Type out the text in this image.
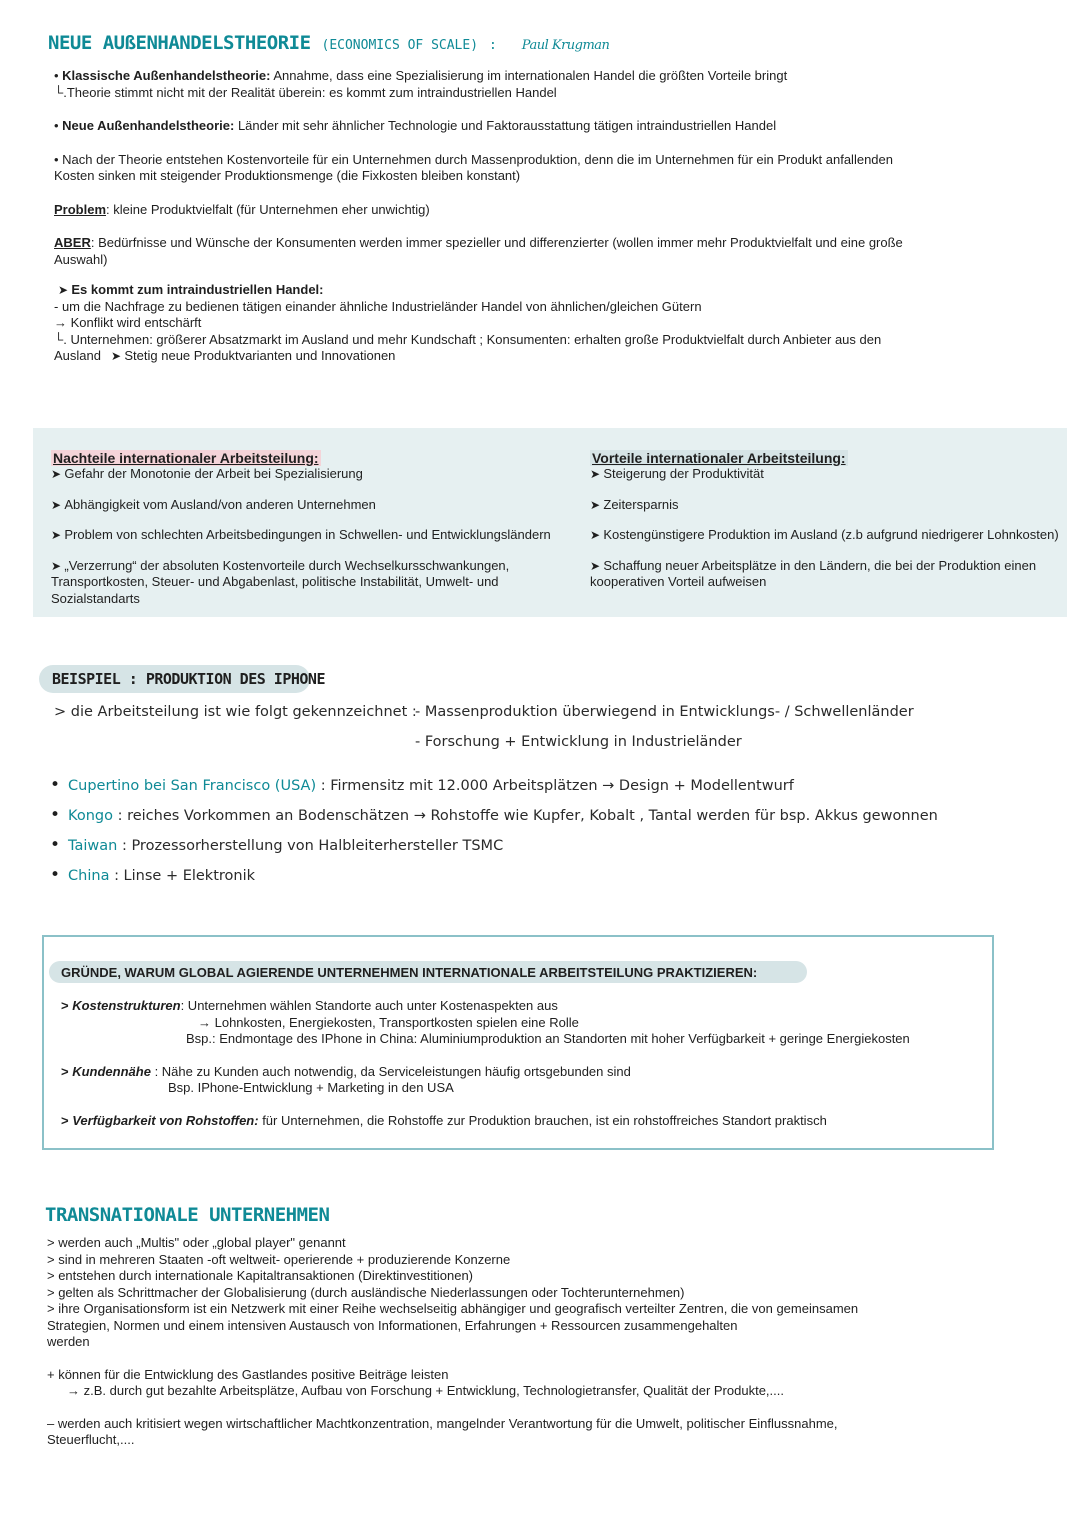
NEUE AUßENHANDELSTHEORIE (ECONOMICS OF SCALE) : Paul Krugman
• Klassische Außenhandelstheorie: Annahme, dass eine Spezialisierung im internationalen Handel die größten Vorteile bringt
└.Theorie stimmt nicht mit der Realität überein: es kommt zum intraindustriellen Handel
• Neue Außenhandelstheorie: Länder mit sehr ähnlicher Technologie und Faktorausstattung tätigen intraindustriellen Handel
• Nach der Theorie entstehen Kostenvorteile für ein Unternehmen durch Massenproduktion, denn die im Unternehmen für ein Produkt anfallenden
Kosten sinken mit steigender Produktionsmenge (die Fixkosten bleiben konstant)
Problem: kleine Produktvielfalt (für Unternehmen eher unwichtig)
ABER: Bedürfnisse und Wünsche der Konsumenten werden immer spezieller und differenzierter (wollen immer mehr Produktvielfalt und eine große
Auswahl)
➤ Es kommt zum intraindustriellen Handel:
- um die Nachfrage zu bedienen tätigen einander ähnliche Industrieländer Handel von ähnlichen/gleichen Gütern
→ Konflikt wird entschärft
└. Unternehmen: größerer Absatzmarkt im Ausland und mehr Kundschaft ; Konsumenten: erhalten große Produktvielfalt durch Anbieter aus den
Ausland ➤ Stetig neue Produktvarianten und Innovationen
Nachteile internationaler Arbeitsteilung:
➤ Gefahr der Monotonie der Arbeit bei Spezialisierung
➤ Abhängigkeit vom Ausland/von anderen Unternehmen
➤ Problem von schlechten Arbeitsbedingungen in Schwellen- und Entwicklungsländern
➤ „Verzerrung“ der absoluten Kostenvorteile durch Wechselkursschwankungen,
Transportkosten, Steuer- und Abgabenlast, politische Instabilität, Umwelt- und
Sozialstandarts
Vorteile internationaler Arbeitsteilung:
➤ Steigerung der Produktivität
➤ Zeitersparnis
➤ Kostengünstigere Produktion im Ausland (z.b aufgrund niedrigerer Lohnkosten)
➤ Schaffung neuer Arbeitsplätze in den Ländern, die bei der Produktion einen
kooperativen Vorteil aufweisen
BEISPIEL : PRODUKTION DES IPHONE
> die Arbeitsteilung ist wie folgt gekennzeichnet :
- Massenproduktion überwiegend in Entwicklungs- / Schwellenländer
- Forschung + Entwicklung in Industrieländer
• Cupertino bei San Francisco (USA) : Firmensitz mit 12.000 Arbeitsplätzen → Design + Modellentwurf
• Kongo : reiches Vorkommen an Bodenschätzen → Rohstoffe wie Kupfer, Kobalt , Tantal werden für bsp. Akkus gewonnen
• Taiwan : Prozessorherstellung von Halbleiterhersteller TSMC
• China : Linse + Elektronik
GRÜNDE, WARUM GLOBAL AGIERENDE UNTERNEHMEN INTERNATIONALE ARBEITSTEILUNG PRAKTIZIEREN:
> Kostenstrukturen: Unternehmen wählen Standorte auch unter Kostenaspekten aus
→ Lohnkosten, Energiekosten, Transportkosten spielen eine Rolle
Bsp.: Endmontage des IPhone in China: Aluminiumproduktion an Standorten mit hoher Verfügbarkeit + geringe Energiekosten
> Kundennähe : Nähe zu Kunden auch notwendig, da Serviceleistungen häufig ortsgebunden sind
Bsp. IPhone-Entwicklung + Marketing in den USA
> Verfügbarkeit von Rohstoffen: für Unternehmen, die Rohstoffe zur Produktion brauchen, ist ein rohstoffreiches Standort praktisch
TRANSNATIONALE UNTERNEHMEN
> werden auch „Multis" oder „global player" genannt
> sind in mehreren Staaten -oft weltweit- operierende + produzierende Konzerne
> entstehen durch internationale Kapitaltransaktionen (Direktinvestitionen)
> gelten als Schrittmacher der Globalisierung (durch ausländische Niederlassungen oder Tochterunternehmen)
> ihre Organisationsform ist ein Netzwerk mit einer Reihe wechselseitig abhängiger und geografisch verteilter Zentren, die von gemeinsamen
Strategien, Normen und einem intensiven Austausch von Informationen, Erfahrungen + Ressourcen zusammengehalten
werden
+ können für die Entwicklung des Gastlandes positive Beiträge leisten
→ z.B. durch gut bezahlte Arbeitsplätze, Aufbau von Forschung + Entwicklung, Technologietransfer, Qualität der Produkte,....
– werden auch kritisiert wegen wirtschaftlicher Machtkonzentration, mangelnder Verantwortung für die Umwelt, politischer Einflussnahme,
Steuerflucht,....
